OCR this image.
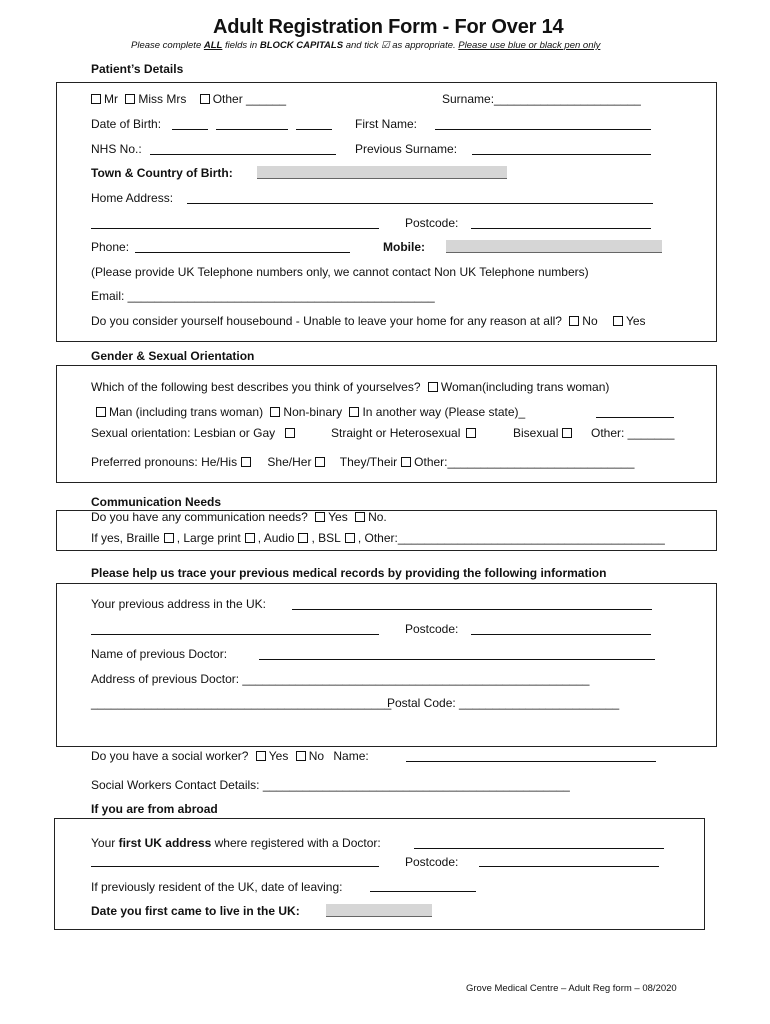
Adult Registration Form - For Over 14
Please complete ALL fields in BLOCK CAPITALS and tick ☑ as appropriate. Please use blue or black pen only
Patient’s Details
Mr Miss Mrs Other ______	Surname:______________________
Date of Birth:	First Name:
NHS No.:	Previous Surname:
Town & Country of Birth:
Home Address:
Postcode:
Phone:	Mobile:
(Please provide UK Telephone numbers only, we cannot contact Non UK Telephone numbers)
Email: ______________________________________________
Do you consider yourself housebound - Unable to leave your home for any reason at all? No Yes
Gender & Sexual Orientation
Which of the following best describes you think of yourselves? Woman(including trans woman)
Man (including trans woman) Non-binary In another way (Please state)_
Sexual orientation: Lesbian or Gay	Straight or Heterosexual	Bisexual	Other: _______
Preferred pronouns: He/His	She/Her They/Their Other:____________________________
Communication Needs
Do you have any communication needs? Yes No.
If yes, Braille , Large print , Audio , BSL , Other:________________________________________
Please help us trace your previous medical records by providing the following information
Your previous address in the UK:
Postcode:
Name of previous Doctor:
Address of previous Doctor: ____________________________________________________
_____________________________________________
Postal Code: ________________________
Do you have a social worker? Yes No Name:
Social Workers Contact Details: ______________________________________________
If you are from abroad
Your first UK address where registered with a Doctor:
Postcode:
If previously resident of the UK, date of leaving:
Date you first came to live in the UK:
Grove Medical Centre – Adult Reg form – 08/2020
